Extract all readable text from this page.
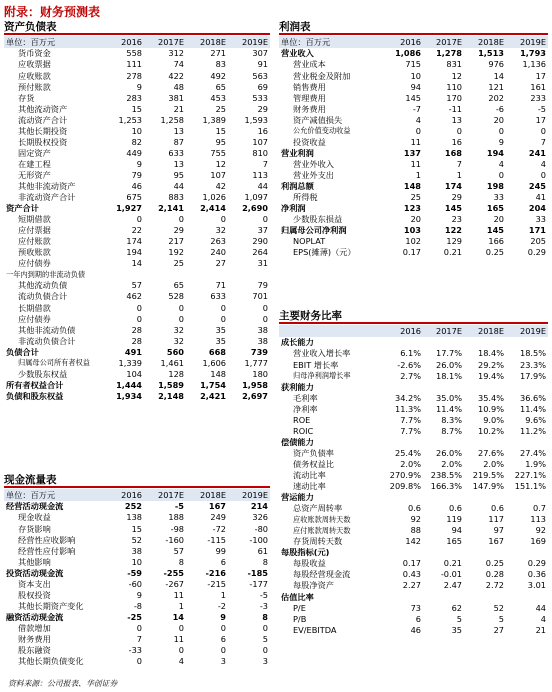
附录：财务预测表
资产负债表
单位：百万元	2016	2017E	2018E	2019E
货币资金	558	312	271	307
应收票据	111	74	83	91
应收账款	278	422	492	563
预付账款	9	48	65	69
存货	283	381	453	533
其他流动资产	15	21	25	29
流动资产合计	1,253	1,258	1,389	1,593
其他长期投资	10	13	15	16
长期股权投资	82	87	95	107
固定资产	449	633	755	810
在建工程	9	13	12	7
无形资产	79	95	107	113
其他非流动资产	46	44	42	44
非流动资产合计	675	883	1,026	1,097
资产合计	1,927	2,141	2,414	2,690
短期借款	0	0	0	0
应付票据	22	29	32	37
应付账款	174	217	263	290
预收账款	194	192	240	264
应付债券	14	25	27	31
一年内到期的非流动负债				
其他流动负债	57	65	71	79
流动负债合计	462	528	633	701
长期借款	0	0	0	0
应付债券	0	0	0	0
其他非流动负债	28	32	35	38
非流动负债合计	28	32	35	38
负债合计	491	560	668	739
归属母公司所有者权益	1,339	1,461	1,606	1,777
少数股东权益	104	128	148	180
所有者权益合计	1,444	1,589	1,754	1,958
负债和股东权益	1,934	2,148	2,421	2,697
利润表
单位：百万元	2016	2017E	2018E	2019E
营业收入	1,086	1,278	1,513	1,793
营业成本	715	831	976	1,136
营业税金及附加	10	12	14	17
销售费用	94	110	121	161
管理费用	145	170	202	233
财务费用	-7	-11	-6	-5
资产减值损失	4	13	20	17
公允价值变动收益	0	0	0	0
投资收益	11	16	9	7
营业利润	137	168	194	241
营业外收入	11	7	4	4
营业外支出	1	1	0	0
利润总额	148	174	198	245
所得税	25	29	33	41
净利润	123	145	165	204
少数股东损益	20	23	20	33
归属母公司净利润	103	122	145	171
NOPLAT	102	129	166	205
EPS(摊薄)（元）	0.17	0.21	0.25	0.29
主要财务比率
	2016	2017E	2018E	2019E
成长能力				
营业收入增长率	6.1%	17.7%	18.4%	18.5%
EBIT 增长率	-2.6%	26.0%	29.2%	23.3%
归母净利润增长率	2.7%	18.1%	19.4%	17.9%
获利能力				
毛利率	34.2%	35.0%	35.4%	36.6%
净利率	11.3%	11.4%	10.9%	11.4%
ROE	7.7%	8.3%	9.0%	9.6%
ROIC	7.7%	8.7%	10.2%	11.2%
偿债能力				
资产负债率	25.4%	26.0%	27.6%	27.4%
债务权益比	2.0%	2.0%	2.0%	1.9%
流动比率	270.9%	238.5%	219.5%	227.1%
速动比率	209.8%	166.3%	147.9%	151.1%
营运能力				
总资产周转率	0.6	0.6	0.6	0.7
应收账款周转天数	92	119	117	113
应付账款周转天数	88	94	97	92
存货周转天数	142	165	167	169
每股指标(元)				
每股收益	0.17	0.21	0.25	0.29
每股经营现金流	0.43	-0.01	0.28	0.36
每股净资产	2.27	2.47	2.72	3.01
估值比率				
P/E	73	62	52	44
P/B	6	5	5	4
EV/EBITDA	46	35	27	21
现金流量表
单位：百万元	2016	2017E	2018E	2019E
经营活动现金流	252	-5	167	214
现金收益	138	188	249	326
存货影响	15	-98	-72	-80
经营性应收影响	52	-160	-115	-100
经营性应付影响	38	57	99	61
其他影响	10	8	6	8
投资活动现金流	-59	-255	-216	-185
资本支出	-60	-267	-215	-177
股权投资	9	11	1	-5
其他长期资产变化	-8	1	-2	-3
融资活动现金流	-25	14	9	8
借款增加	0	0	0	0
财务费用	7	11	6	5
股东融资	-33	0	0	0
其他长期负债变化	0	4	3	3
资料来源：公司报表、华创证券
